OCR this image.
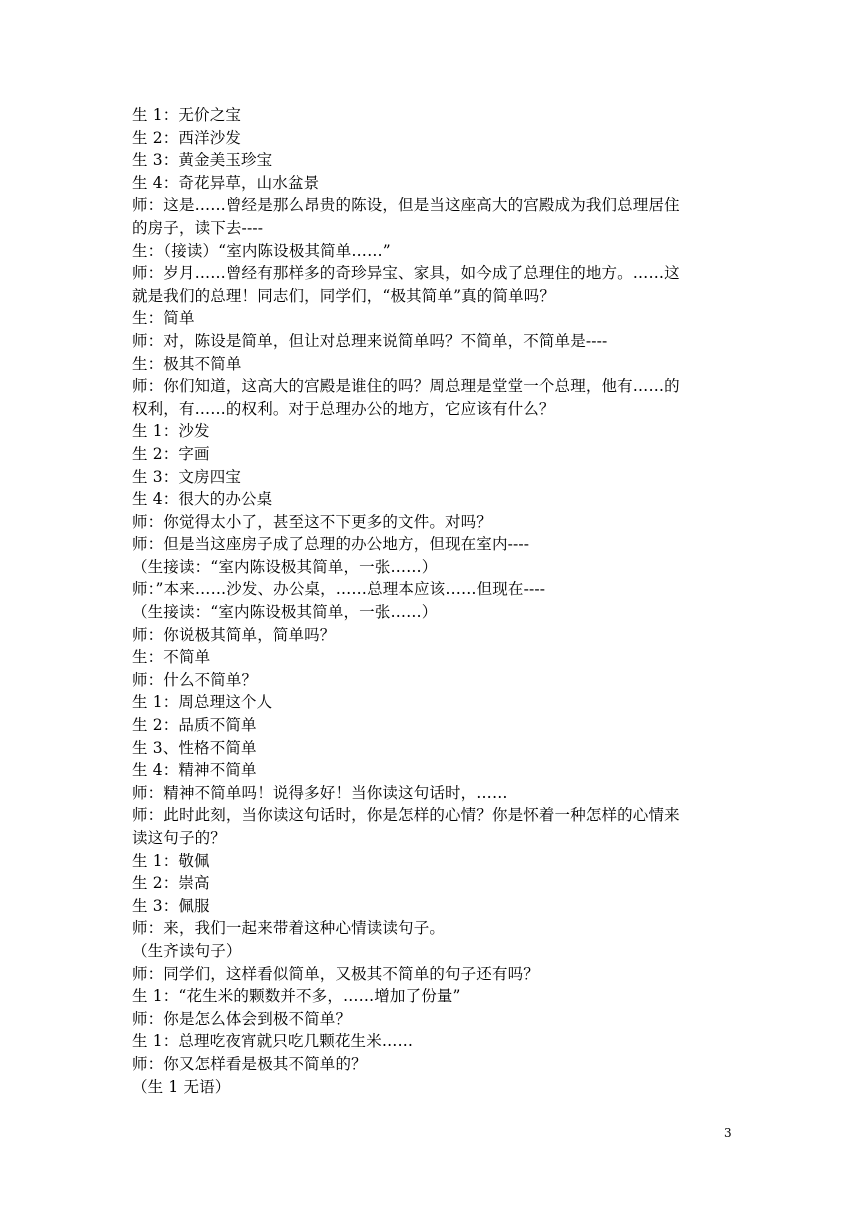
生 1：无价之宝
生 2：西洋沙发
生 3：黄金美玉珍宝
生 4：奇花异草，山水盆景
师：这是……曾经是那么昂贵的陈设，但是当这座高大的宫殿成为我们总理居住
的房子，读下去----
生：（接读）“室内陈设极其简单……”
师：岁月……曾经有那样多的奇珍异宝、家具，如今成了总理住的地方。……这
就是我们的总理！同志们，同学们，“极其简单”真的简单吗？
生：简单
师：对，陈设是简单，但让对总理来说简单吗？不简单，不简单是----
生：极其不简单
师：你们知道，这高大的宫殿是谁住的吗？周总理是堂堂一个总理，他有……的
权利，有……的权利。对于总理办公的地方，它应该有什么？
生 1：沙发
生 2：字画
生 3：文房四宝
生 4：很大的办公桌
师：你觉得太小了，甚至这不下更多的文件。对吗？
师：但是当这座房子成了总理的办公地方，但现在室内----
（生接读：“室内陈设极其简单，一张……）
师：”本来……沙发、办公桌，……总理本应该……但现在----
（生接读：“室内陈设极其简单，一张……）
师：你说极其简单，简单吗？
生：不简单
师：什么不简单？
生 1：周总理这个人
生 2：品质不简单
生 3、性格不简单
生 4：精神不简单
师：精神不简单吗！说得多好！当你读这句话时，……
师：此时此刻，当你读这句话时，你是怎样的心情？你是怀着一种怎样的心情来
读这句子的？
生 1：敬佩
生 2：崇高
生 3：佩服
师：来，我们一起来带着这种心情读读句子。
（生齐读句子）
师：同学们，这样看似简单，又极其不简单的句子还有吗？
生 1：“花生米的颗数并不多，……增加了份量”
师：你是怎么体会到极不简单？
生 1：总理吃夜宵就只吃几颗花生米……
师：你又怎样看是极其不简单的？
（生 1 无语）
3
